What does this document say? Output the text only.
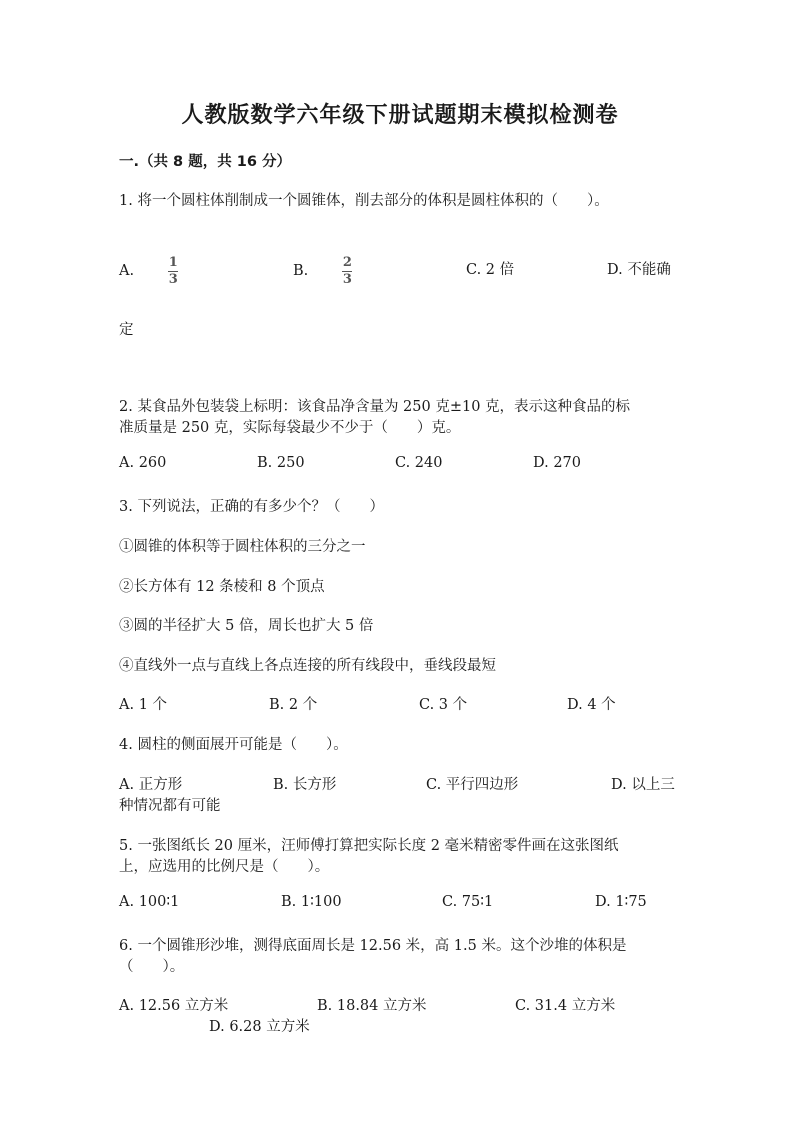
人教版数学六年级下册试题期末模拟检测卷
一.（共 8 题，共 16 分）
1. 将一个圆柱体削制成一个圆锥体，削去部分的体积是圆柱体积的（　　）。
A.	$\frac{1}{3}$	B.	$\frac{2}{3}$	C. 2 倍	D. 不能确
定
2. 某食品外包装袋上标明：该食品净含量为 250 克±10 克，表示这种食品的标
准质量是 250 克，实际每袋最少不少于（　　）克。
A. 260	B. 250	C. 240	D. 270
3. 下列说法，正确的有多少个？（　　）
①圆锥的体积等于圆柱体积的三分之一
②长方体有 12 条棱和 8 个顶点
③圆的半径扩大 5 倍，周长也扩大 5 倍
④直线外一点与直线上各点连接的所有线段中，垂线段最短
A. 1 个	B. 2 个	C. 3 个	D. 4 个
4. 圆柱的侧面展开可能是（　　）。
A. 正方形	B. 长方形	C. 平行四边形	D. 以上三
种情况都有可能
5. 一张图纸长 20 厘米，汪师傅打算把实际长度 2 毫米精密零件画在这张图纸
上，应选用的比例尺是（　　）。
A. 100∶1	B. 1∶100	C. 75∶1	D. 1∶75
6. 一个圆锥形沙堆，测得底面周长是 12.56 米，高 1.5 米。这个沙堆的体积是
（　　）。
A. 12.56 立方米	B. 18.84 立方米	C. 31.4 立方米
D. 6.28 立方米
